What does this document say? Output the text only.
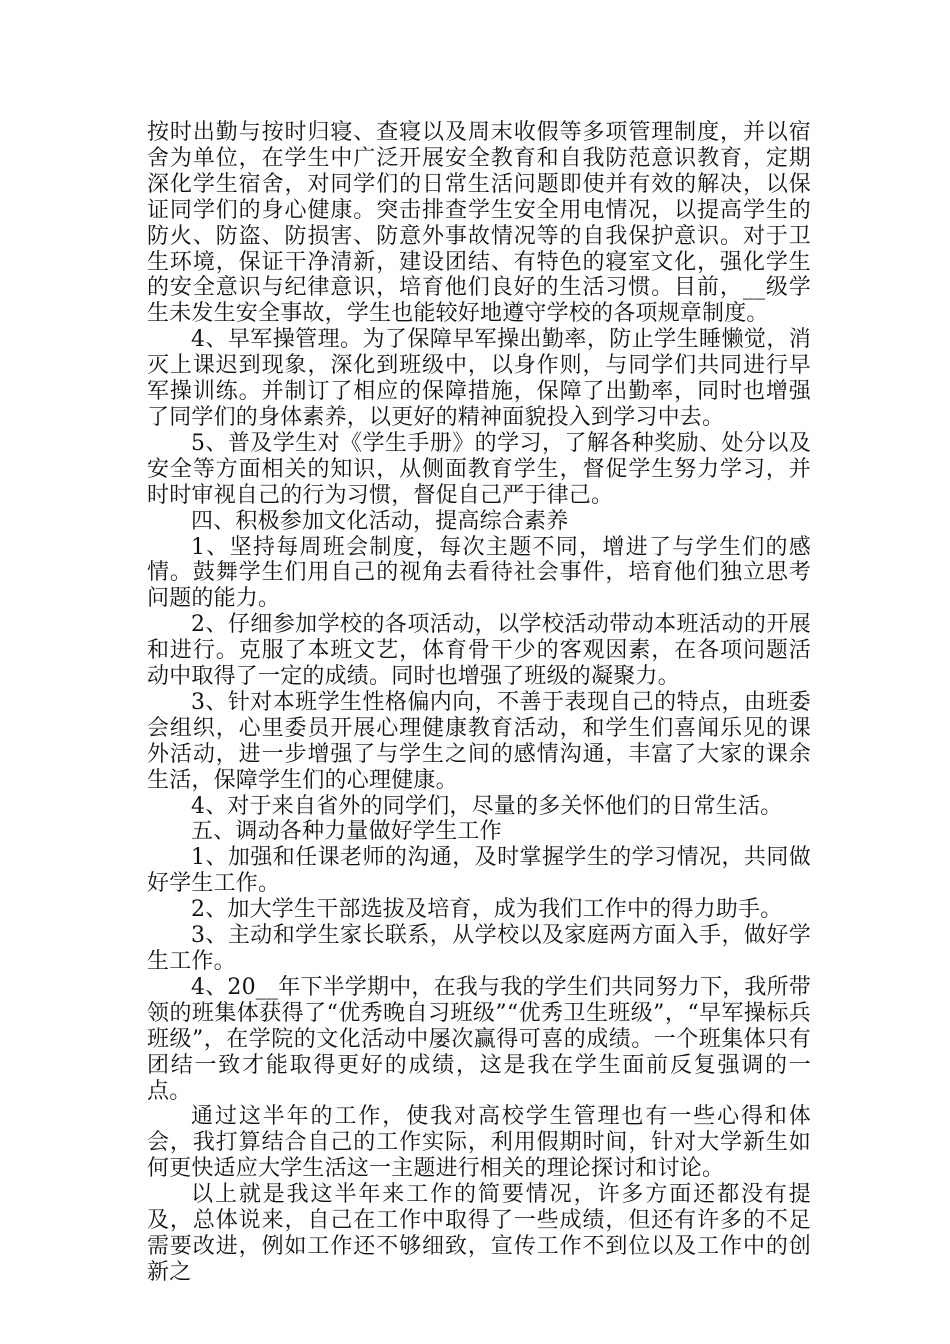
按时出勤与按时归寝、查寝以及周末收假等多项管理制度，并以宿舍为单位，在学生中广泛开展安全教育和自我防范意识教育，定期深化学生宿舍，对同学们的日常生活问题即使并有效的解决，以保证同学们的身心健康。突击排查学生安全用电情况，以提高学生的防火、防盗、防损害、防意外事故情况等的自我保护意识。对于卫生环境，保证干净清新，建设团结、有特色的寝室文化，强化学生的安全意识与纪律意识，培育他们良好的生活习惯。目前，__级学生未发生安全事故，学生也能较好地遵守学校的各项规章制度。

4、早军操管理。为了保障早军操出勤率，防止学生睡懒觉，消灭上课迟到现象，深化到班级中，以身作则，与同学们共同进行早军操训练。并制订了相应的保障措施，保障了出勤率，同时也增强了同学们的身体素养，以更好的精神面貌投入到学习中去。

5、普及学生对《学生手册》的学习，了解各种奖励、处分以及安全等方面相关的知识，从侧面教育学生，督促学生努力学习，并时时审视自己的行为习惯，督促自己严于律己。

四、积极参加文化活动，提高综合素养

1、坚持每周班会制度，每次主题不同，增进了与学生们的感情。鼓舞学生们用自己的视角去看待社会事件，培育他们独立思考问题的能力。

2、仔细参加学校的各项活动，以学校活动带动本班活动的开展和进行。克服了本班文艺，体育骨干少的客观因素，在各项问题活动中取得了一定的成绩。同时也增强了班级的凝聚力。

3、针对本班学生性格偏内向，不善于表现自己的特点，由班委会组织，心里委员开展心理健康教育活动，和学生们喜闻乐见的课外活动，进一步增强了与学生之间的感情沟通，丰富了大家的课余生活，保障学生们的心理健康。

4、对于来自省外的同学们，尽量的多关怀他们的日常生活。

五、调动各种力量做好学生工作

1、加强和任课老师的沟通，及时掌握学生的学习情况，共同做好学生工作。

2、加大学生干部选拔及培育，成为我们工作中的得力助手。

3、主动和学生家长联系，从学校以及家庭两方面入手，做好学生工作。

4、20__年下半学期中，在我与我的学生们共同努力下，我所带领的班集体获得了“优秀晚自习班级”“优秀卫生班级”，“早军操标兵班级”，在学院的文化活动中屡次赢得可喜的成绩。一个班集体只有团结一致才能取得更好的成绩，这是我在学生面前反复强调的一点。

通过这半年的工作，使我对高校学生管理也有一些心得和体会，我打算结合自己的工作实际，利用假期时间，针对大学新生如何更快适应大学生活这一主题进行相关的理论探讨和讨论。

以上就是我这半年来工作的简要情况，许多方面还都没有提及，总体说来，自己在工作中取得了一些成绩，但还有许多的不足需要改进，例如工作还不够细致，宣传工作不到位以及工作中的创新之
